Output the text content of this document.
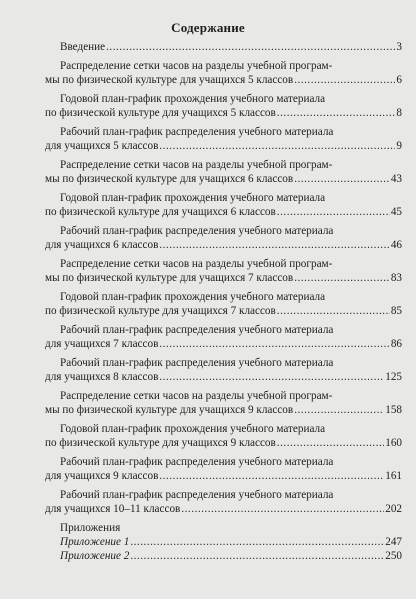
Содержание
Введение .....	3
Распределение сетки часов на разделы учебной програм-
мы по физической культуре для учащихся 5 классов .....	6
Годовой план-график прохождения учебного материала
по физической культуре для учащихся 5 классов .....	8
Рабочий план-график распределения учебного материала
для учащихся 5 классов .....	9
Распределение сетки часов на разделы учебной програм-
мы по физической культуре для учащихся 6 классов .....	43
Годовой план-график прохождения учебного материала
по физической культуре для учащихся 6 классов .....	45
Рабочий план-график распределения учебного материала
для учащихся 6 классов .....	46
Распределение сетки часов на разделы учебной програм-
мы по физической культуре для учащихся 7 классов .....	83
Годовой план-график прохождения учебного материала
по физической культуре для учащихся 7 классов .....	85
Рабочий план-график распределения учебного материала
для учащихся 7 классов .....	86
Рабочий план-график распределения учебного материала
для учащихся 8 классов .....	125
Распределение сетки часов на разделы учебной програм-
мы по физической культуре для учащихся 9 классов .....	158
Годовой план-график прохождения учебного материала
по физической культуре для учащихся 9 классов .....	160
Рабочий план-график распределения учебного материала
для учащихся 9 классов .....	161
Рабочий план-график распределения учебного материала
для учащихся 10–11 классов .....	202
Приложения
Приложение 1 .....	247
Приложение 2 .....	250
